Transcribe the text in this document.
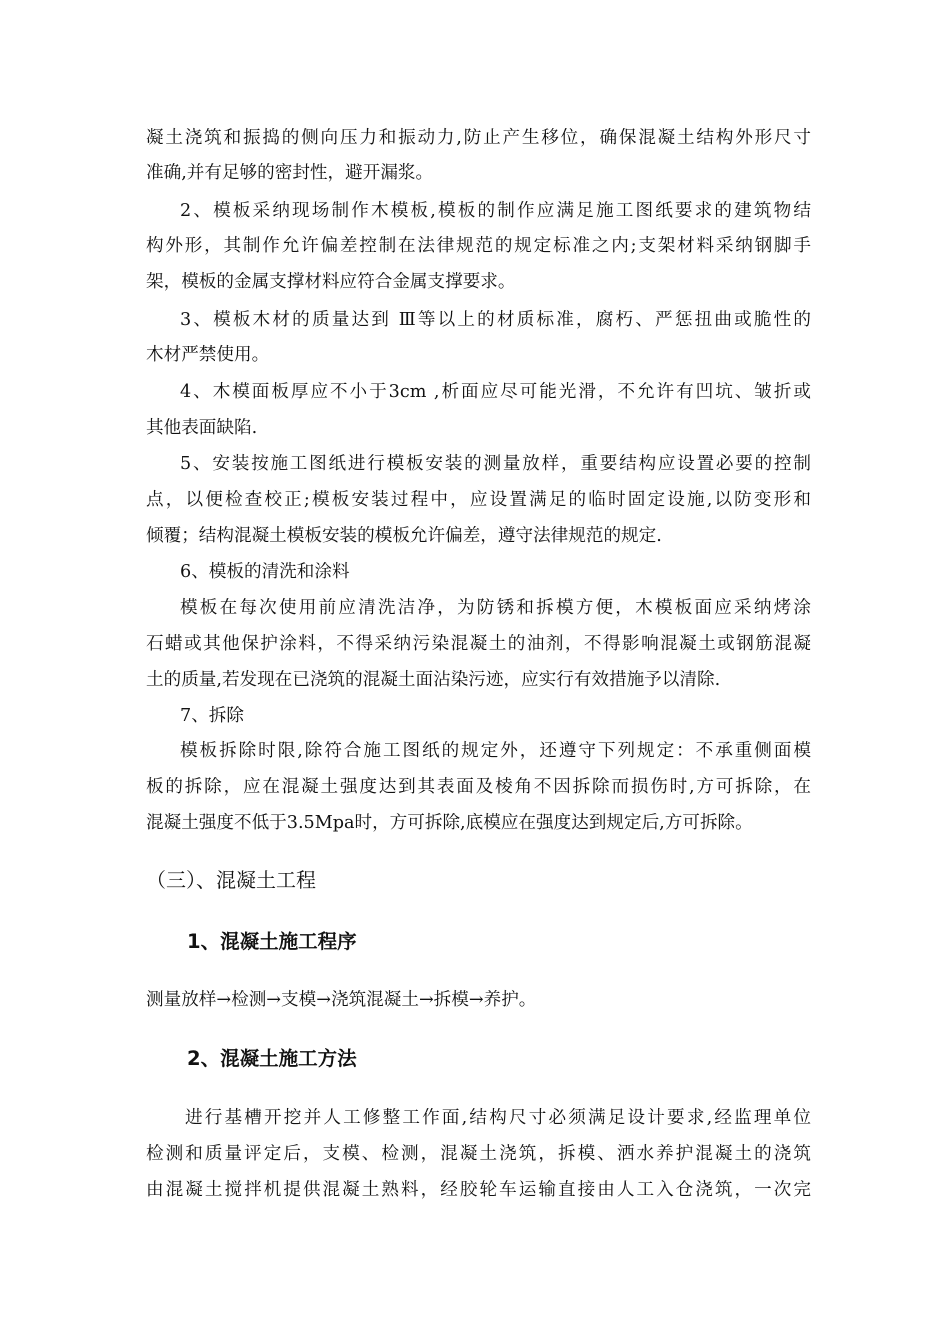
凝土浇筑和振捣的侧向压力和振动力,防止产生移位，确保混凝土结构外形尺寸
准确,并有足够的密封性，避开漏浆。
2、模板采纳现场制作木模板,模板的制作应满足施工图纸要求的建筑物结
构外形，其制作允许偏差控制在法律规范的规定标准之内;支架材料采纳钢脚手
架，模板的金属支撑材料应符合金属支撑要求。
3、模板木材的质量达到 Ⅲ等以上的材质标准，腐朽、严惩扭曲或脆性的
木材严禁使用。
4、木模面板厚应不小于3cm ,析面应尽可能光滑，不允许有凹坑、皱折或
其他表面缺陷.
5、安装按施工图纸进行模板安装的测量放样，重要结构应设置必要的控制
点，以便检查校正;模板安装过程中，应设置满足的临时固定设施,以防变形和
倾覆；结构混凝土模板安装的模板允许偏差，遵守法律规范的规定.
6、模板的清洗和涂料
模板在每次使用前应清洗洁净，为防锈和拆模方便，木模板面应采纳烤涂
石蜡或其他保护涂料，不得采纳污染混凝土的油剂，不得影响混凝土或钢筋混凝
土的质量,若发现在已浇筑的混凝土面沾染污迹，应实行有效措施予以清除.
7、拆除
模板拆除时限,除符合施工图纸的规定外，还遵守下列规定：不承重侧面模
板的拆除，应在混凝土强度达到其表面及棱角不因拆除而损伤时,方可拆除，在
混凝土强度不低于3.5Mpa时，方可拆除,底模应在强度达到规定后,方可拆除。
（三）、混凝土工程
1、混凝土施工程序
测量放样→检测→支模→浇筑混凝土→拆模→养护。
2、混凝土施工方法
进行基槽开挖并人工修整工作面,结构尺寸必须满足设计要求,经监理单位
检测和质量评定后，支模、检测，混凝土浇筑，拆模、洒水养护混凝土的浇筑
由混凝土搅拌机提供混凝土熟料，经胶轮车运输直接由人工入仓浇筑，一次完
